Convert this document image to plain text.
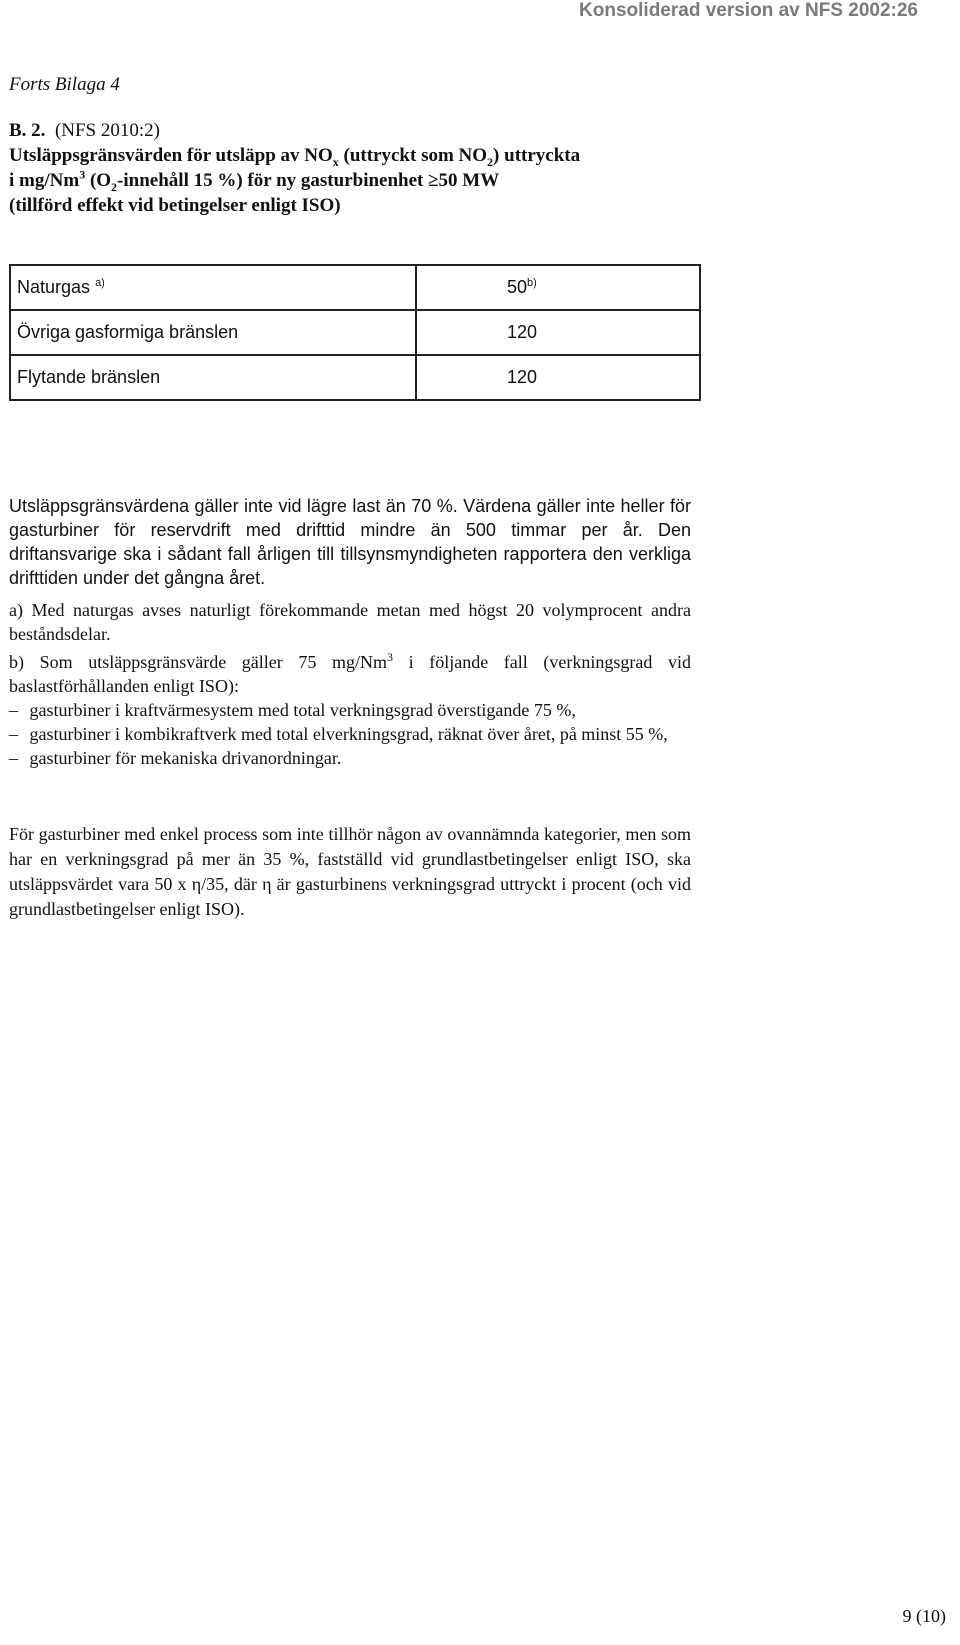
Konsoliderad version av NFS 2002:26
Forts Bilaga 4
B. 2. (NFS 2010:2)
Utsläppsgränsvärden för utsläpp av $NO_x$ (uttryckt som $NO_2$) uttryckta
i mg/Nm$^3$ ($O_2$-innehåll 15 %) för ny gasturbinenhet ≥50 MW
(tillförd effekt vid betingelser enligt ISO)
Naturgas $^{a)}$	50$^{b)}$
Övriga gasformiga bränslen	120
Flytande bränslen	120
Utsläppsgränsvärdena gäller inte vid lägre last än 70 %. Värdena gäller inte heller för gasturbiner för reservdrift med drifttid mindre än 500 timmar per år. Den driftansvarige ska i sådant fall årligen till tillsynsmyndigheten rapportera den verkliga drifttiden under det gångna året.
a) Med naturgas avses naturligt förekommande metan med högst 20 volymprocent andra beståndsdelar.
b) Som utsläppsgränsvärde gäller 75 mg/Nm$^3$ i följande fall (verkningsgrad vid baslastförhållanden enligt ISO):
– gasturbiner i kraftvärmesystem med total verkningsgrad överstigande 75 %,
– gasturbiner i kombikraftverk med total elverkningsgrad, räknat över året, på minst 55 %,
– gasturbiner för mekaniska drivanordningar.
För gasturbiner med enkel process som inte tillhör någon av ovannämnda kategorier, men som har en verkningsgrad på mer än 35 %, fastställd vid grundlastbetingelser enligt ISO, ska utsläppsvärdet vara 50 x η/35, där η är gasturbinens verkningsgrad uttryckt i procent (och vid grundlastbetingelser enligt ISO).
9 (10)
